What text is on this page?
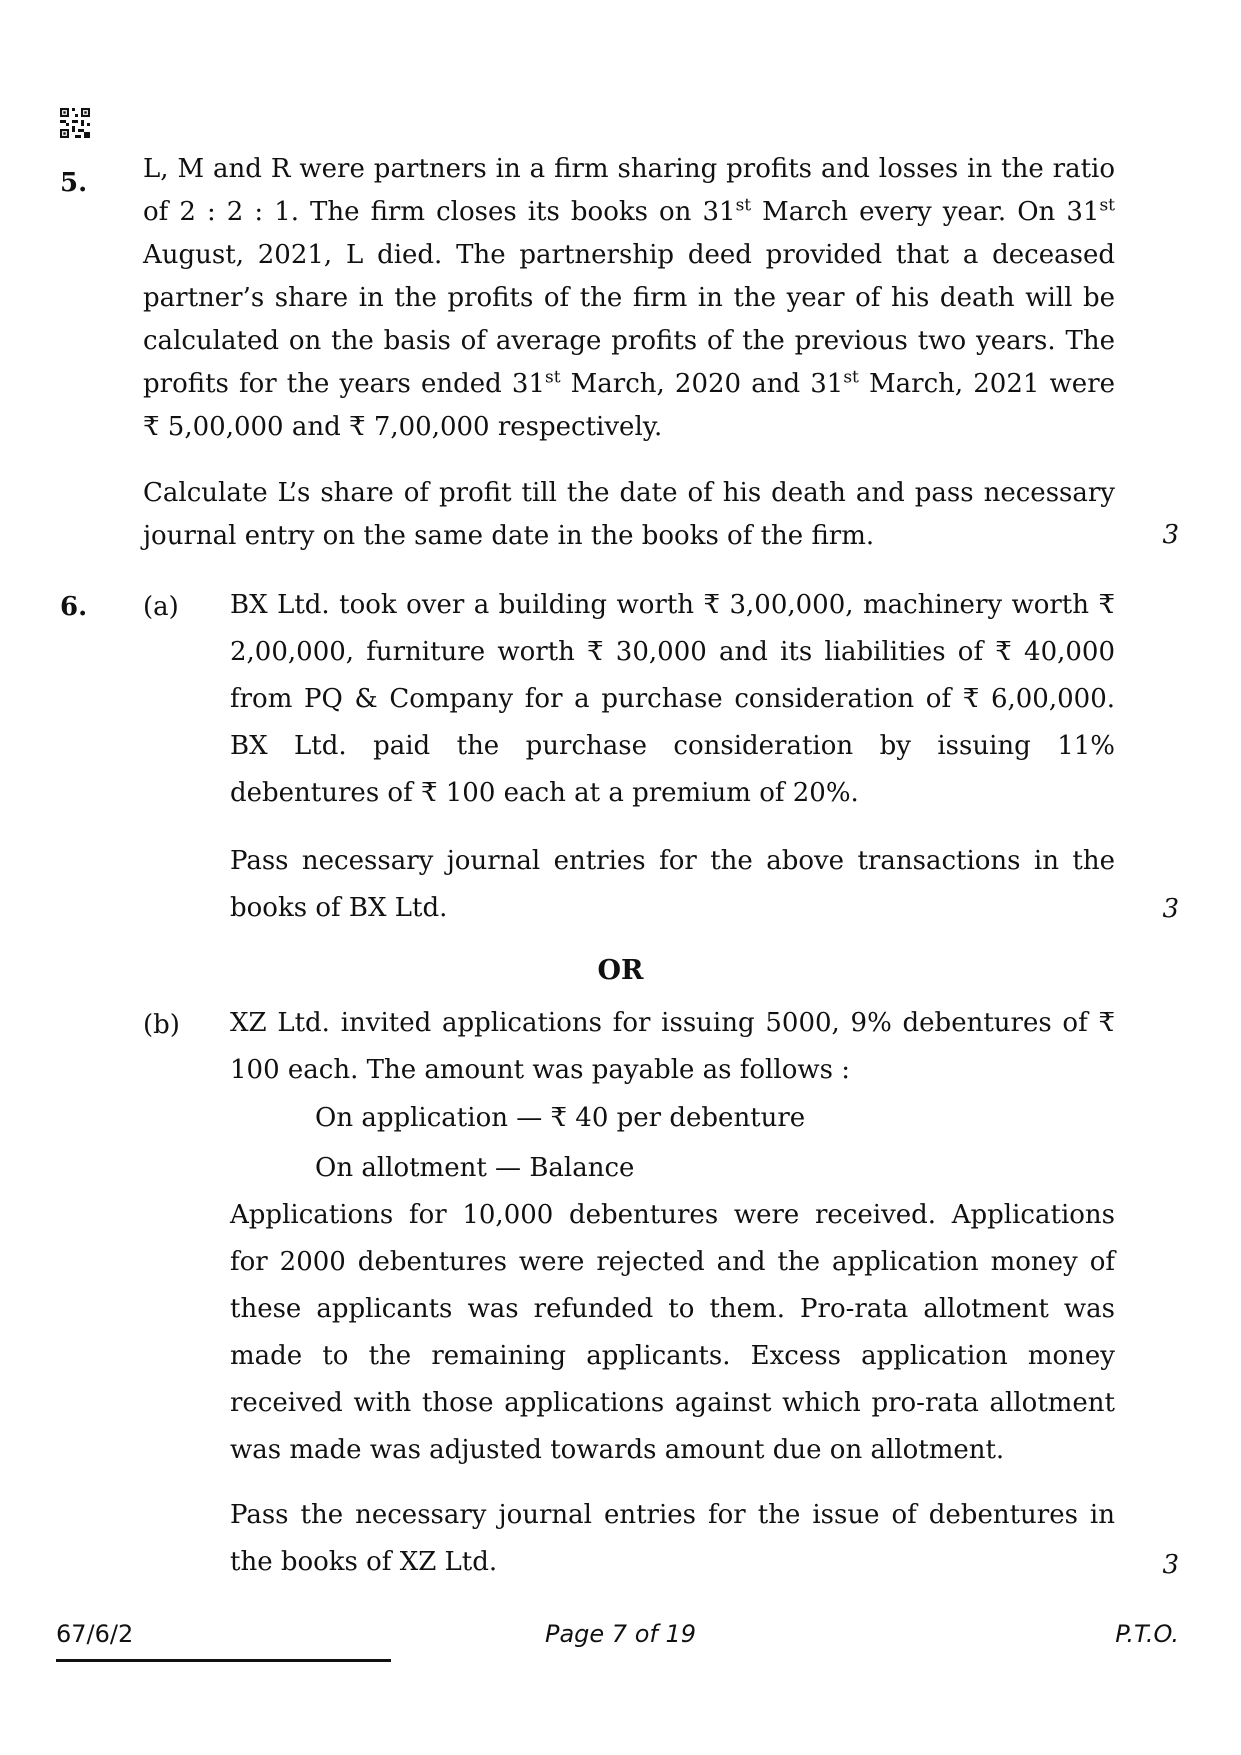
5. L, M and R were partners in a firm sharing profits and losses in the ratio of 2 : 2 : 1. The firm closes its books on 31st March every year. On 31st August, 2021, L died. The partnership deed provided that a deceased partner’s share in the profits of the firm in the year of his death will be calculated on the basis of average profits of the previous two years. The profits for the years ended 31st March, 2020 and 31st March, 2021 were ₹ 5,00,000 and ₹ 7,00,000 respectively.
Calculate L’s share of profit till the date of his death and pass necessary journal entry on the same date in the books of the firm.	3
6. (a) BX Ltd. took over a building worth ₹ 3,00,000, machinery worth ₹ 2,00,000, furniture worth ₹ 30,000 and its liabilities of ₹ 40,000 from PQ & Company for a purchase consideration of ₹ 6,00,000. BX Ltd. paid the purchase consideration by issuing 11% debentures of ₹ 100 each at a premium of 20%.
Pass necessary journal entries for the above transactions in the books of BX Ltd.	3
OR
(b) XZ Ltd. invited applications for issuing 5000, 9% debentures of ₹ 100 each. The amount was payable as follows :
On application — ₹ 40 per debenture
On allotment — Balance
Applications for 10,000 debentures were received. Applications for 2000 debentures were rejected and the application money of these applicants was refunded to them. Pro-rata allotment was made to the remaining applicants. Excess application money received with those applications against which pro-rata allotment was made was adjusted towards amount due on allotment.
Pass the necessary journal entries for the issue of debentures in the books of XZ Ltd.	3
67/6/2	Page 7 of 19	P.T.O.
